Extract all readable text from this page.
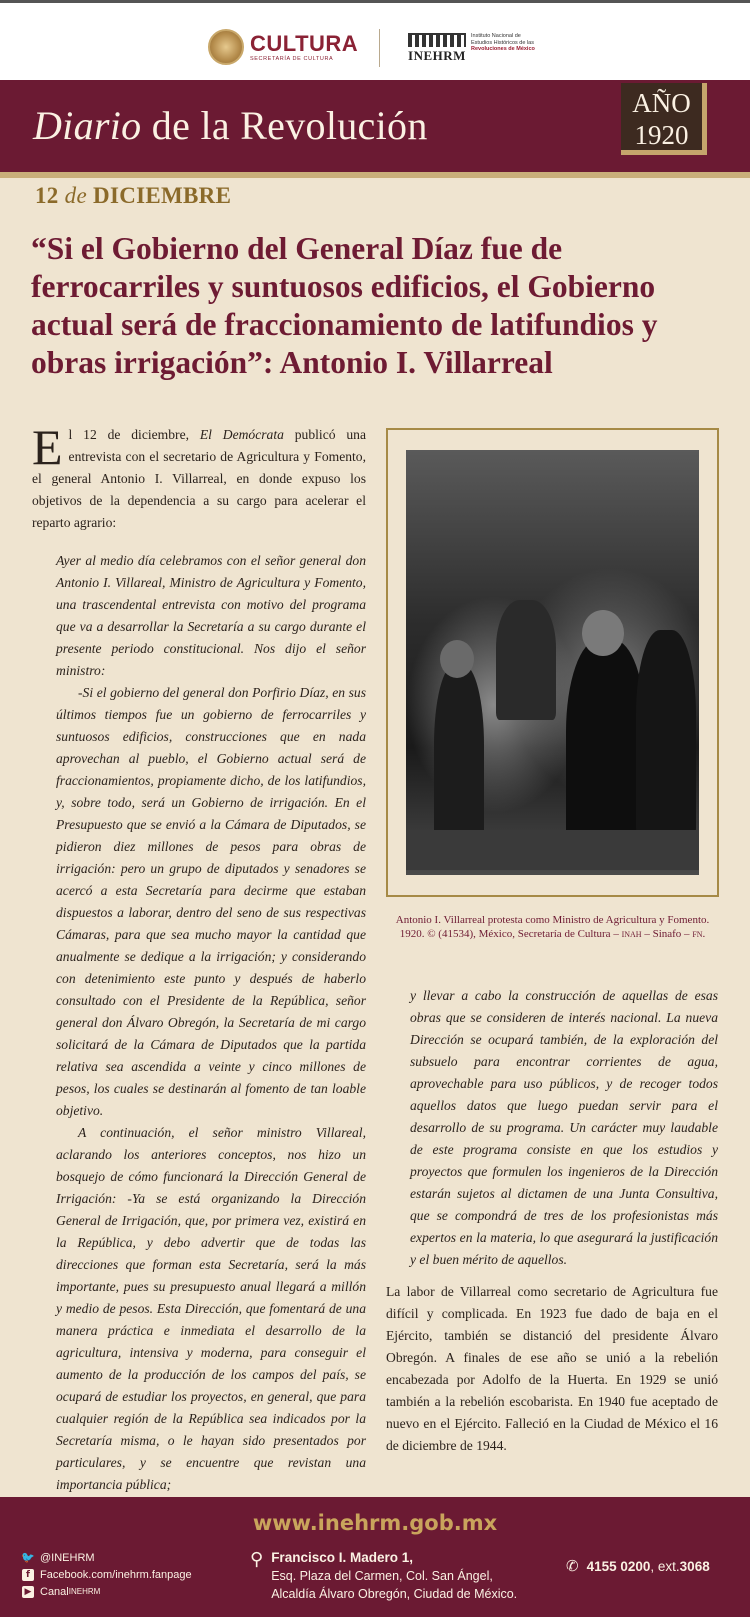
CULTURA
SECRETARÍA DE CULTURA	INEHRM
Instituto Nacional de
Estudios Históricos de las
Revoluciones de México
Diario de la Revolución	AÑO
1920
12 de DICIEMBRE
“Si el Gobierno del General Díaz fue de ferrocarriles y suntuosos edificios, el Gobierno actual será de fraccionamiento de latifundios y obras irrigación”: Antonio I. Villarreal

El 12 de diciembre, El Demócrata publicó una entrevista con el secretario de Agricultura y Fomento, el general Antonio I. Villarreal, en donde expuso los objetivos de la dependencia a su cargo para acelerar el reparto agrario:

Ayer al medio día celebramos con el señor general don Antonio I. Villareal, Ministro de Agricultura y Fomento, una trascendental entrevista con motivo del programa que va a desarrollar la Secretaría a su cargo durante el presente periodo constitucional. Nos dijo el señor ministro:

-Si el gobierno del general don Porfirio Díaz, en sus últimos tiempos fue un gobierno de ferrocarriles y suntuosos edificios, construcciones que en nada aprovechan al pueblo, el Gobierno actual será de fraccionamientos, propiamente dicho, de los latifundios, y, sobre todo, será un Gobierno de irrigación. En el Presupuesto que se envió a la Cámara de Diputados, se pidieron diez millones de pesos para obras de irrigación: pero un grupo de diputados y senadores se acercó a esta Secretaría para decirme que estaban dispuestos a laborar, dentro del seno de sus respectivas Cámaras, para que sea mucho mayor la cantidad que anualmente se dedique a la irrigación; y considerando con detenimiento este punto y después de haberlo consultado con el Presidente de la República, señor general don Álvaro Obregón, la Secretaría de mi cargo solicitará de la Cámara de Diputados que la partida relativa sea ascendida a veinte y cinco millones de pesos, los cuales se destinarán al fomento de tan loable objetivo.

A continuación, el señor ministro Villareal, aclarando los anteriores conceptos, nos hizo un bosquejo de cómo funcionará la Dirección General de Irrigación: -Ya se está organizando la Dirección General de Irrigación, que, por primera vez, existirá en la República, y debo advertir que de todas las direcciones que forman esta Secretaría, será la más importante, pues su presupuesto anual llegará a millón y medio de pesos. Esta Dirección, que fomentará de una manera práctica e inmediata el desarrollo de la agricultura, intensiva y moderna, para conseguir el aumento de la producción de los campos del país, se ocupará de estudiar los proyectos, en general, que para cualquier región de la República sea indicados por la Secretaría misma, o le hayan sido presentados por particulares, y se encuentre que revistan una importancia pública;

Antonio I. Villarreal protesta como Ministro de Agricultura y Fomento. 1920. © (41534), México, Secretaría de Cultura – inah – Sinafo – fn.

y llevar a cabo la construcción de aquellas de esas obras que se consideren de interés nacional. La nueva Dirección se ocupará también, de la exploración del subsuelo para encontrar corrientes de agua, aprovechable para uso públicos, y de recoger todos aquellos datos que luego puedan servir para el desarrollo de su programa. Un carácter muy laudable de este programa consiste en que los estudios y proyectos que formulen los ingenieros de la Dirección estarán sujetos al dictamen de una Junta Consultiva, que se compondrá de tres de los profesionistas más expertos en la materia, lo que asegurará la justificación y el buen mérito de aquellos.

La labor de Villarreal como secretario de Agricultura fue difícil y complicada. En 1923 fue dado de baja en el Ejército, también se distanció del presidente Álvaro Obregón. A finales de ese año se unió a la rebelión encabezada por Adolfo de la Huerta. En 1929 se unió también a la rebelión escobarista. En 1940 fue aceptado de nuevo en el Ejército. Falleció en la Ciudad de México el 16 de diciembre de 1944.

www.inehrm.gob.mx
🐦 @INEHRM
f Facebook.com/inehrm.fanpage
▶ Canal INEHRM
⚲ Francisco I. Madero 1,
Esq. Plaza del Carmen, Col. San Ángel,
Alcaldía Álvaro Obregón, Ciudad de México.
✆ 4155 0200 , ext. 3068
